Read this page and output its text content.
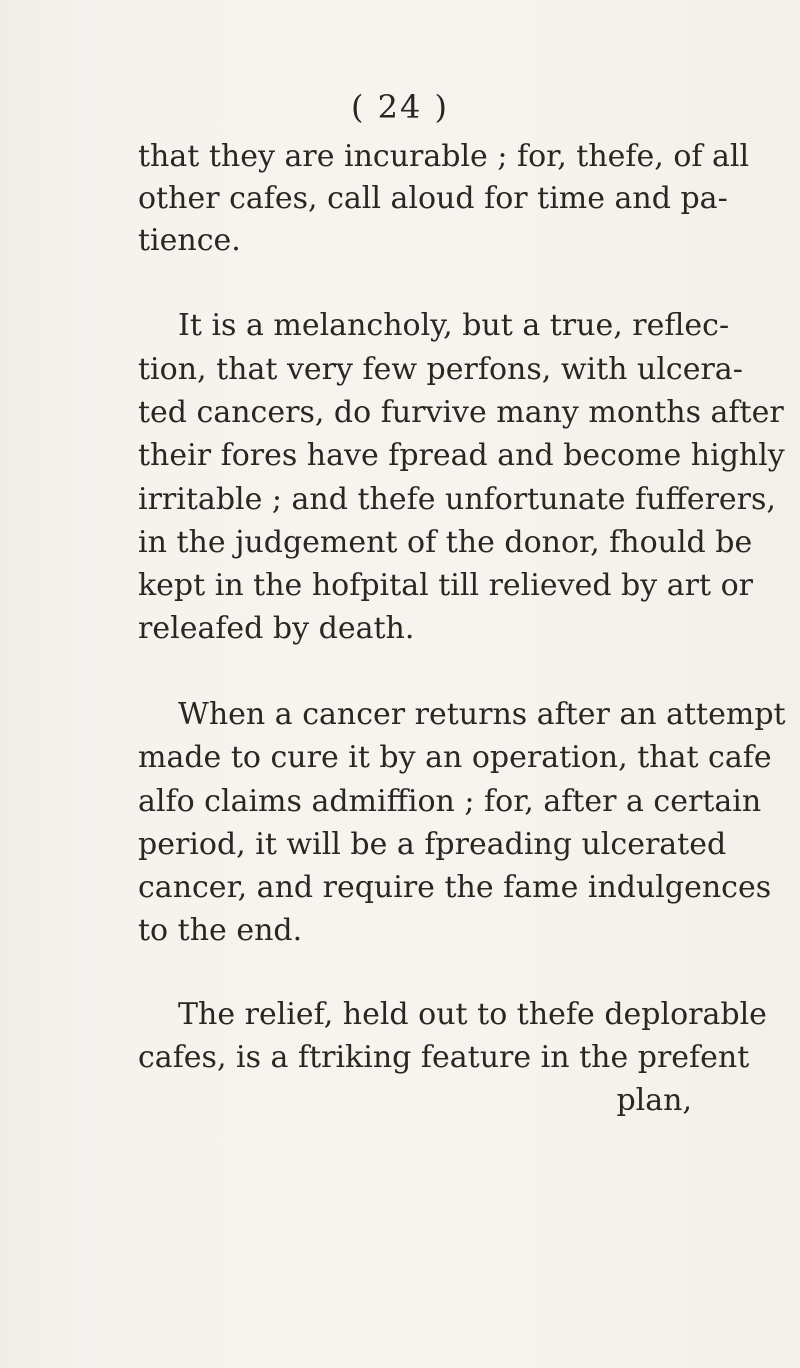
( 24 )
that they are incurable ; for, thefe, of all
other cafes, call aloud for time and pa-
tience.
It is a melancholy, but a true, reflec-
tion, that very few perfons, with ulcera-
ted cancers, do furvive many months after
their fores have fpread and become highly
irritable ; and thefe unfortunate fufferers,
in the judgement of the donor, fhould be
kept in the hofpital till relieved by art or
releafed by death.
When a cancer returns after an attempt
made to cure it by an operation, that cafe
alfo claims admiffion ; for, after a certain
period, it will be a fpreading ulcerated
cancer, and require the fame indulgences
to the end.
The relief, held out to thefe deplorable
cafes, is a ftriking feature in the prefent
plan,
